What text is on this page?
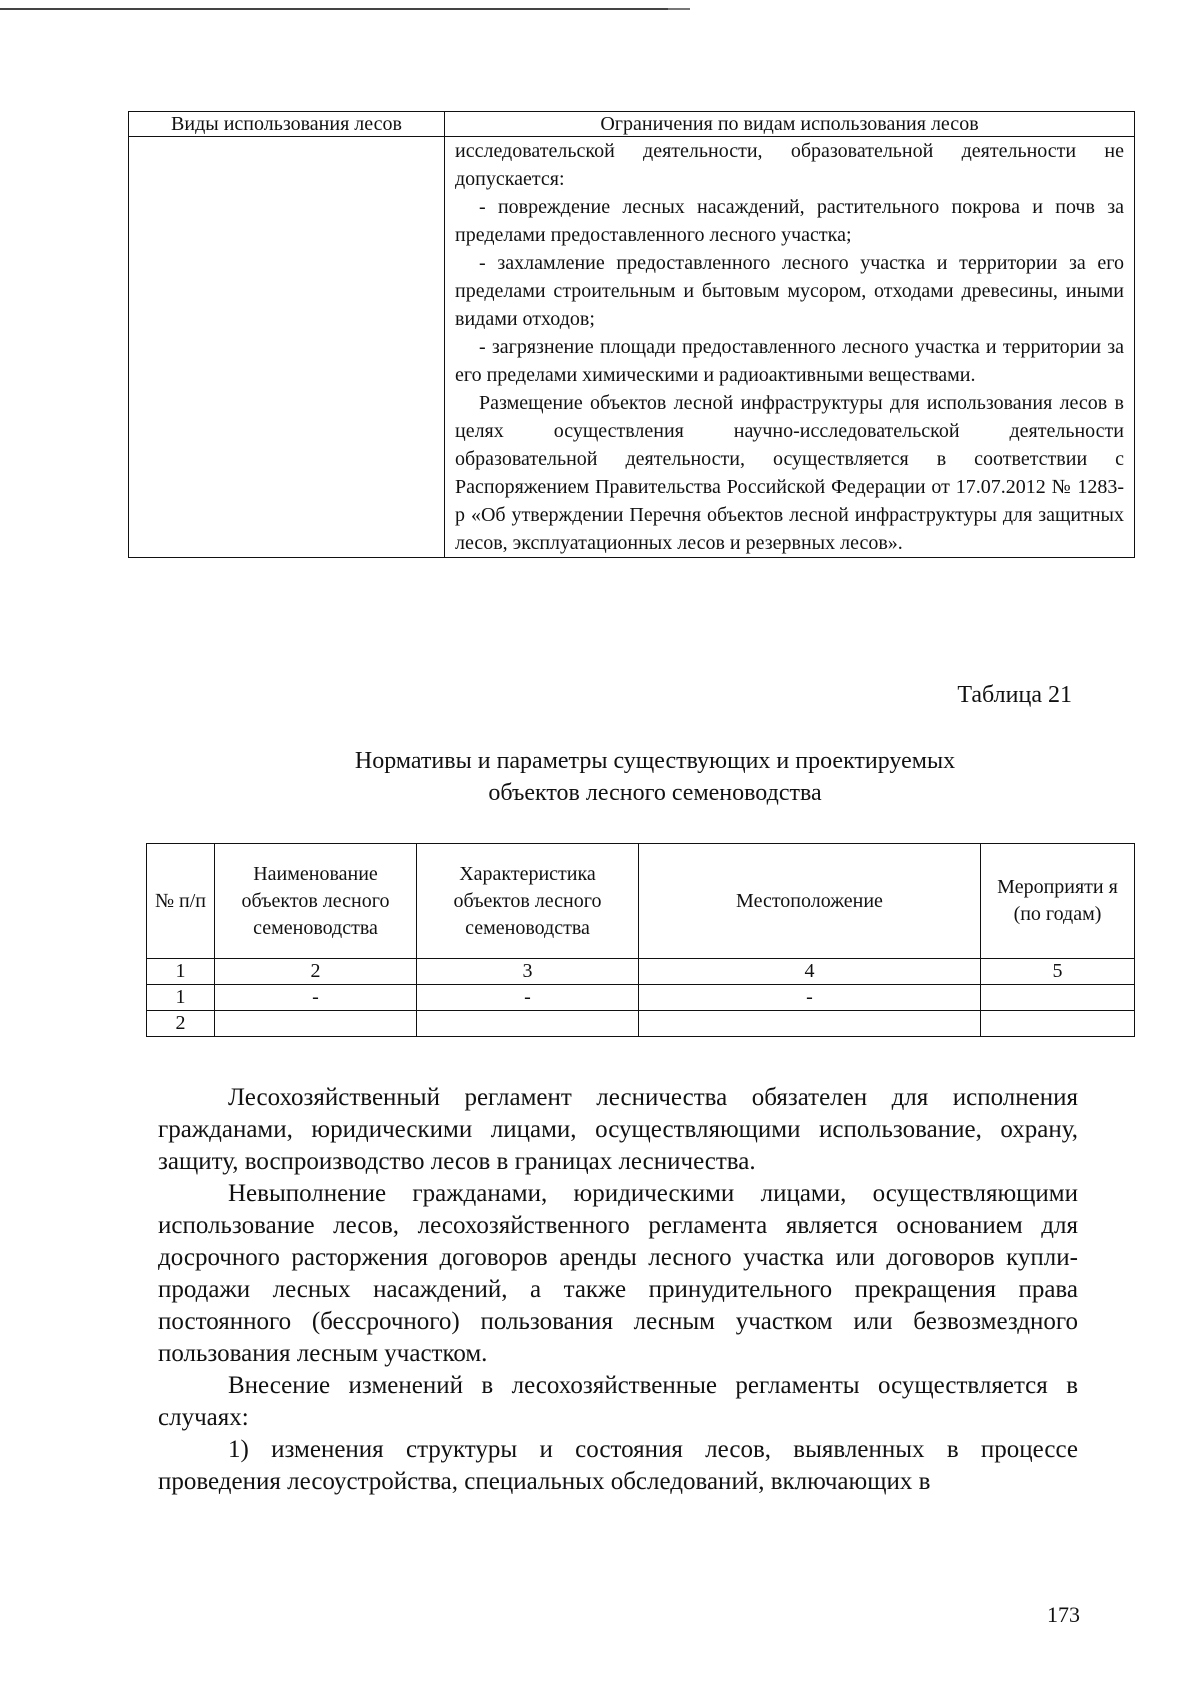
Виды использования лесов	Ограничения по видам использования лесов

	исследовательской деятельности, образовательной деятельности не допускается:

- повреждение лесных насаждений, растительного покрова и почв за пределами предоставленного лесного участка;

- захламление предоставленного лесного участка и территории за его пределами строительным и бытовым мусором, отходами древесины, иными видами отходов;

- загрязнение площади предоставленного лесного участка и территории за его пределами химическими и радиоактивными веществами.

Размещение объектов лесной инфраструктуры для использования лесов в целях осуществления научно-исследовательской деятельности образовательной деятельности, осуществляется в соответствии с Распоряжением Правительства Российской Федерации от 17.07.2012 № 1283-р «Об утверждении Перечня объектов лесной инфраструктуры для защитных лесов, эксплуатационных лесов и резервных лесов».

Таблица 21
Нормативы и параметры существующих и проектируемых
объектов лесного семеноводства
№ п/п	Наименование объектов лесного семеноводства	Характеристика объектов лесного семеноводства	Местоположение	Мероприяти я (по годам)
1	2	3	4	5
1	-	-	-	
2				

Лесохозяйственный регламент лесничества обязателен для исполнения гражданами, юридическими лицами, осуществляющими использование, охрану, защиту, воспроизводство лесов в границах лесничества.

Невыполнение гражданами, юридическими лицами, осуществляющими использование лесов, лесохозяйственного регламента является основанием для досрочного расторжения договоров аренды лесного участка или договоров купли-продажи лесных насаждений, а также принудительного прекращения права постоянного (бессрочного) пользования лесным участком или безвозмездного пользования лесным участком.

Внесение изменений в лесохозяйственные регламенты осуществляется в случаях:

1) изменения структуры и состояния лесов, выявленных в процессе проведения лесоустройства, специальных обследований, включающих в

173
